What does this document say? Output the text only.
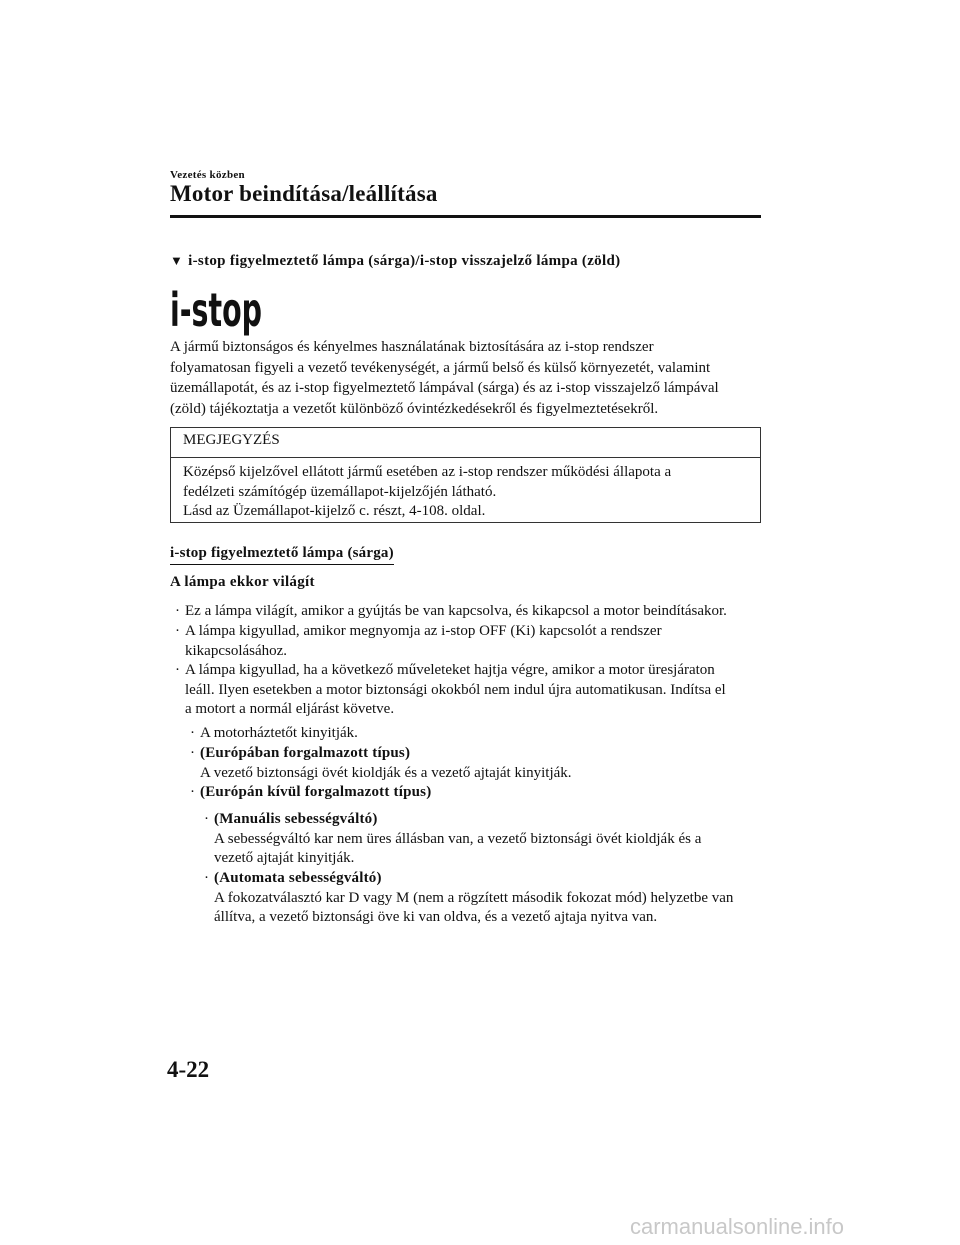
Vezetés közben
Motor beindítása/leállítása
▼ i-stop figyelmeztető lámpa (sárga)/i-stop visszajelző lámpa (zöld)
i-stop
A jármű biztonságos és kényelmes használatának biztosítására az i-stop rendszer
folyamatosan figyeli a vezető tevékenységét, a jármű belső és külső környezetét, valamint
üzemállapotát, és az i-stop figyelmeztető lámpával (sárga) és az i-stop visszajelző lámpával
(zöld) tájékoztatja a vezetőt különböző óvintézkedésekről és figyelmeztetésekről.
MEGJEGYZÉS
Középső kijelzővel ellátott jármű esetében az i-stop rendszer működési állapota a
fedélzeti számítógép üzemállapot-kijelzőjén látható.
Lásd az Üzemállapot-kijelző c. részt, 4-108. oldal.
i-stop figyelmeztető lámpa (sárga)
A lámpa ekkor világít
· Ez a lámpa világít, amikor a gyújtás be van kapcsolva, és kikapcsol a motor beindításakor.
· A lámpa kigyullad, amikor megnyomja az i-stop OFF (Ki) kapcsolót a rendszer
kikapcsolásához.
· A lámpa kigyullad, ha a következő műveleteket hajtja végre, amikor a motor üresjáraton
leáll. Ilyen esetekben a motor biztonsági okokból nem indul újra automatikusan. Indítsa el
a motort a normál eljárást követve.
· A motorháztetőt kinyitják.
· (Európában forgalmazott típus)
A vezető biztonsági övét kioldják és a vezető ajtaját kinyitják.
· (Európán kívül forgalmazott típus)
· (Manuális sebességváltó)
A sebességváltó kar nem üres állásban van, a vezető biztonsági övét kioldják és a
vezető ajtaját kinyitják.
· (Automata sebességváltó)
A fokozatválasztó kar D vagy M (nem a rögzített második fokozat mód) helyzetbe van
állítva, a vezető biztonsági öve ki van oldva, és a vezető ajtaja nyitva van.
4-22
carmanualsonline.info
